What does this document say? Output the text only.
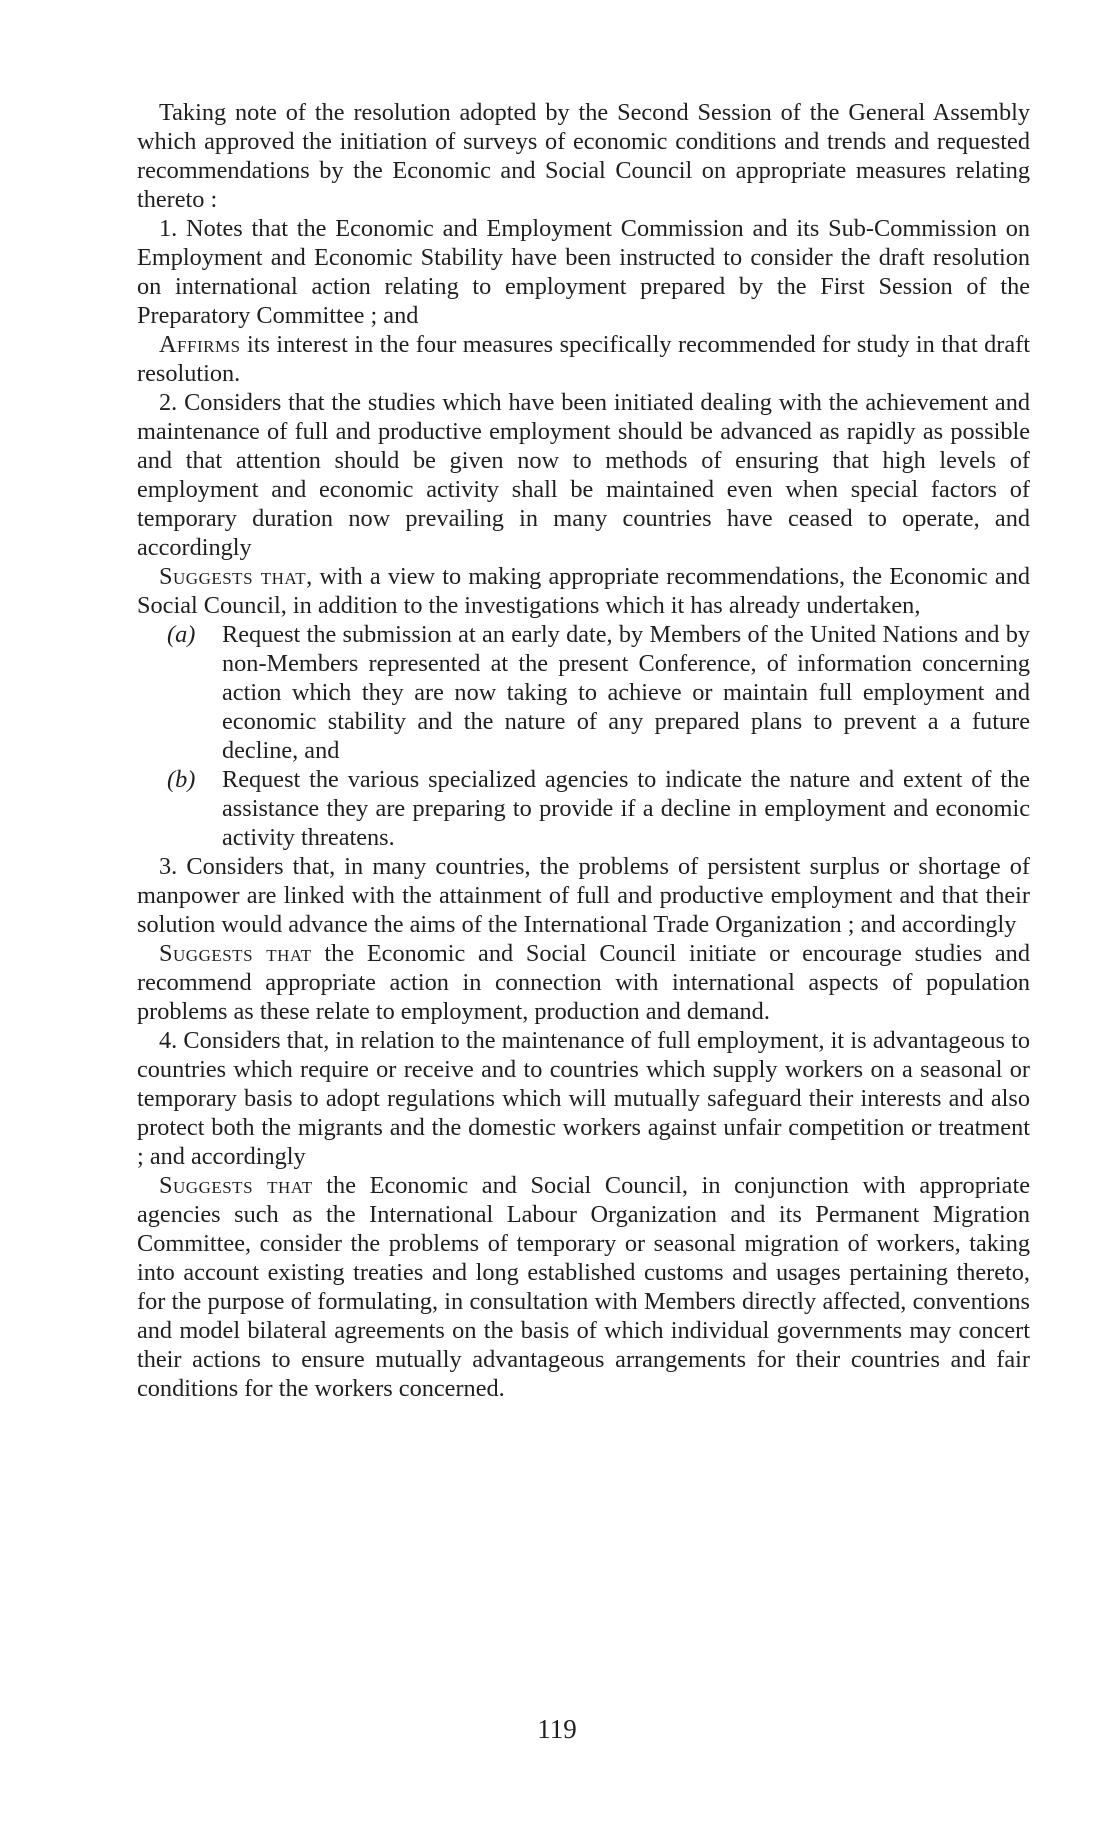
Taking note of the resolution adopted by the Second Session of the General Assembly which approved the initiation of surveys of economic conditions and trends and requested recommendations by the Economic and Social Council on appropriate measures relating thereto :

1. Notes that the Economic and Employment Commission and its Sub-Commission on Employment and Economic Stability have been instructed to consider the draft resolution on international action relating to employment prepared by the First Session of the Preparatory Committee ; and

Affirms its interest in the four measures specifically recommended for study in that draft resolution.

2. Considers that the studies which have been initiated dealing with the achievement and maintenance of full and productive employment should be advanced as rapidly as possible and that attention should be given now to methods of ensuring that high levels of employment and economic activity shall be maintained even when special factors of temporary duration now prevailing in many countries have ceased to operate, and accordingly

Suggests that, with a view to making appropriate recommendations, the Economic and Social Council, in addition to the investigations which it has already undertaken,

(a) Request the submission at an early date, by Members of the United Nations and by non-Members represented at the present Conference, of information concerning action which they are now taking to achieve or maintain full employment and economic stability and the nature of any prepared plans to prevent a a future decline, and

(b) Request the various specialized agencies to indicate the nature and extent of the assistance they are preparing to provide if a decline in employment and economic activity threatens.

3. Considers that, in many countries, the problems of persistent surplus or shortage of manpower are linked with the attainment of full and productive employment and that their solution would advance the aims of the International Trade Organization ; and accordingly

Suggests that the Economic and Social Council initiate or encourage studies and recommend appropriate action in connection with international aspects of population problems as these relate to employment, production and demand.

4. Considers that, in relation to the maintenance of full employment, it is advantageous to countries which require or receive and to countries which supply workers on a seasonal or temporary basis to adopt regulations which will mutually safeguard their interests and also protect both the migrants and the domestic workers against unfair competition or treatment ; and accordingly

Suggests that the Economic and Social Council, in conjunction with appropriate agencies such as the International Labour Organization and its Permanent Migration Committee, consider the problems of temporary or seasonal migration of workers, taking into account existing treaties and long established customs and usages pertaining thereto, for the purpose of formulating, in consultation with Members directly affected, conventions and model bilateral agreements on the basis of which individual governments may concert their actions to ensure mutually advantageous arrangements for their countries and fair conditions for the workers concerned.

119
